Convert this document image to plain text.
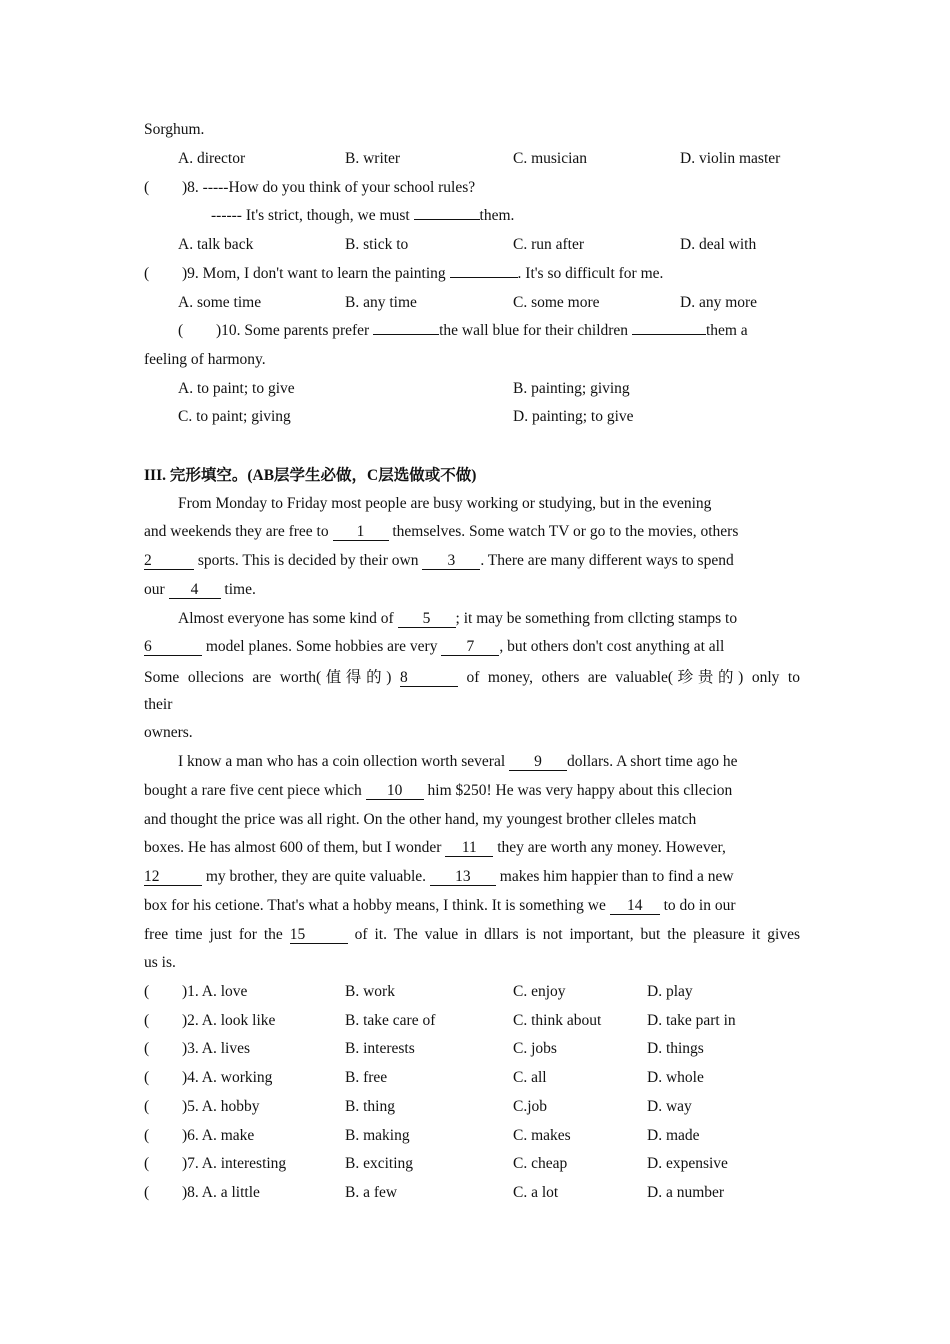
Sorghum.
A. director	B. writer	C. musician	D. violin master
( )8. -----How do you think of your school rules?
------ It's strict, though, we must	them.
A. talk back	B. stick to	C. run after	D. deal with
( )9. Mom, I don't want to learn the painting	. It's so difficult for me.
A. some time	B. any time	C. some more	D. any more
( )10. Some parents prefer	the wall blue for their children	them a
feeling of harmony.
A. to paint; to give	B. painting; giving
C. to paint; giving	D. painting; to give
III. 完形填空。(AB层学生必做，C层选做或不做)
From Monday to Friday most people are busy working or studying, but in the evening
and weekends they are free to 1 themselves. Some watch TV or go to the movies, others
2	sports. This is decided by their own 3 . There are many different ways to spend
our 4 time.
Almost everyone has some kind of 5 ; it may be something from cllcting stamps to
6	model planes. Some hobbies are very 7 , but others don't cost anything at all
Some ollecions are worth(值得的) 8	of money, others are valuable(珍贵的) only to
their
owners.
I know a man who has a coin ollection worth several 9 dollars. A short time ago he
bought a rare five cent piece which 10 him $250! He was very happy about this cllecion
and thought the price was all right. On the other hand, my youngest brother clleles match
boxes. He has almost 600 of them, but I wonder 11 they are worth any money. However,
12	my brother, they are quite valuable. 13 makes him happier than to find a new
box for his cetione. That's what a hobby means, I think. It is something we 14 to do in our
free time just for the 15	of it. The value in dllars is not important, but the pleasure it gives
us is.
( )1. A. love	B. work	C. enjoy	D. play
( )2. A. look like	B. take care of	C. think about	D. take part in
( )3. A. lives	B. interests	C. jobs	D. things
( )4. A. working	B. free	C. all	D. whole
( )5. A. hobby	B. thing	C.job	D. way
( )6. A. make	B. making	C. makes	D. made
( )7. A. interesting	B. exciting	C. cheap	D. expensive
( )8. A. a little	B. a few	C. a lot	D. a number
